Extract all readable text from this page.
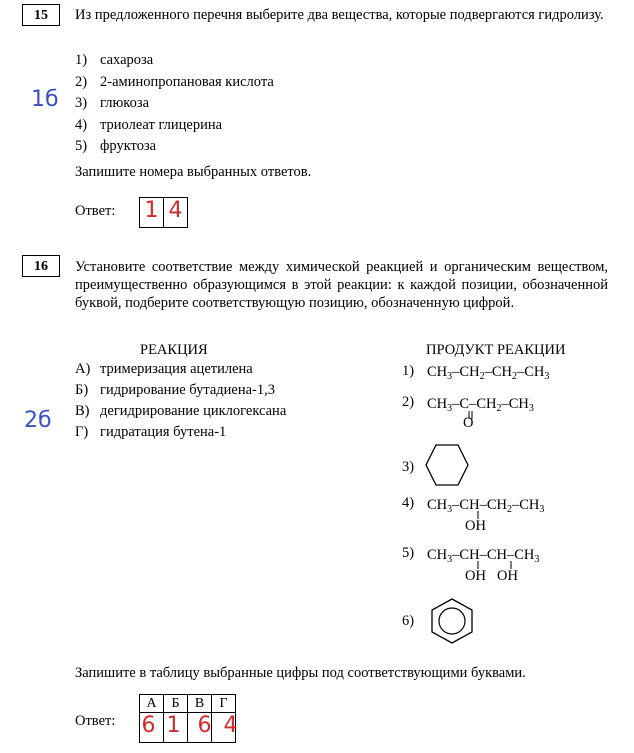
15	Из предложенного перечня выберите два вещества, которые подвергаются гидролизу.
1) сахароза
2) 2-аминопропановая кислота
3) глюкоза
4) триолеат глицерина
5) фруктоза
1б
Запишите номера выбранных ответов.
Ответ: 1 4
16	Установите соответствие между химической реакцией и органическим веществом, преимущественно образующимся в этой реакции: к каждой позиции, обозначенной буквой, подберите соответствующую позицию, обозначенную цифрой.
РЕАКЦИЯ	ПРОДУКТ РЕАКЦИИ
А) тримеризация ацетилена
Б) гидрирование бутадиена-1,3
В) дегидрирование циклогексана
Г) гидратация бутена-1
2б
1) $CH_3-CH_2-CH_2-CH_3$
2) $CH_3-C-CH_2-CH_3$
O
3)
4) $CH_3-CH-CH_2-CH_3$
OH
5) $CH_3-CH-CH-CH_3$
OH OH
6)
Запишите в таблицу выбранные цифры под соответствующими буквами.
Ответ:
А	Б	В	Г
6 1 6 4
